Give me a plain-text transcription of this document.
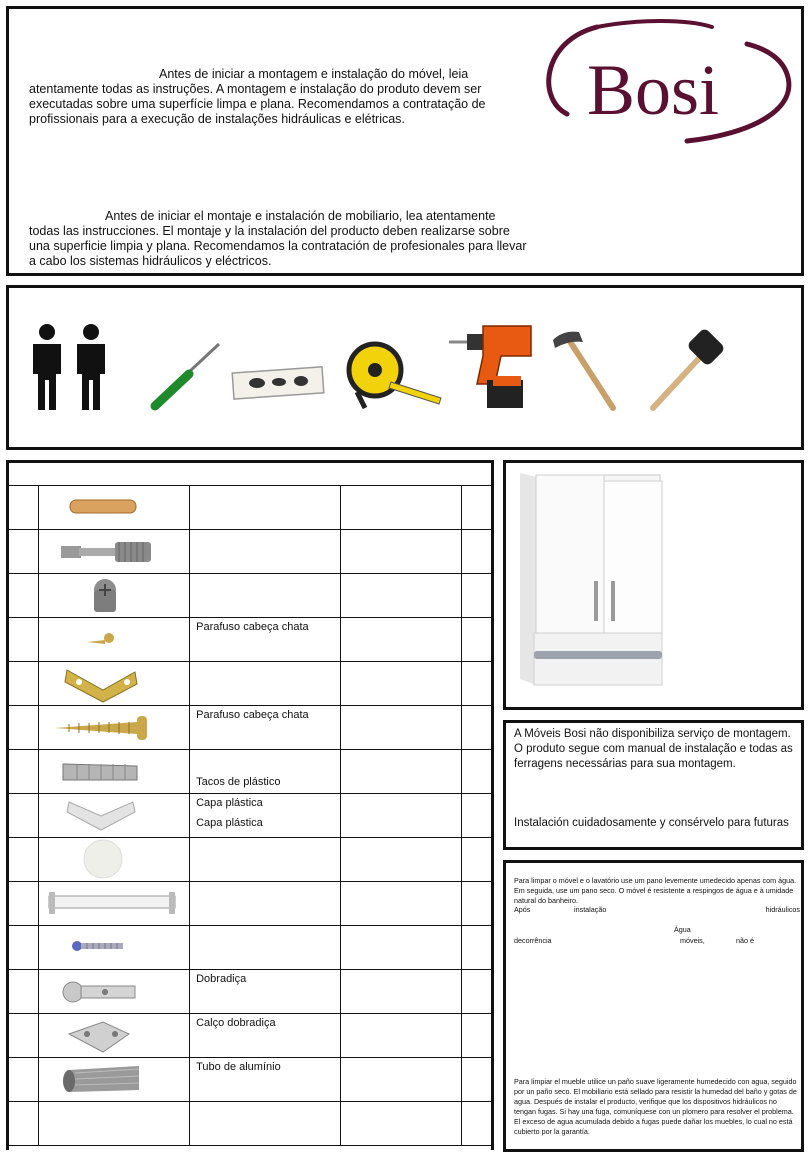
Antes de iniciar a montagem e instalação do móvel, leia atentamente todas as instruções. A montagem e instalação do produto devem ser executadas sobre uma superfície limpa e plana. Recomendamos a contratação de profissionais para a execução de instalações hidráulicas e elétricas.
Antes de iniciar el montaje e instalación de mobiliario, lea atentamente todas las instrucciones. El montaje y la instalación del producto deben realizarse sobre una superficie limpia y plana. Recomendamos la contratación de profesionales para llevar a cabo los sistemas hidráulicos y eléctricos.
Bosi

Parafuso cabeça chata		

Parafuso cabeça chata		

Tacos de plástico		

Capa plástica
Capa plástica		

Dobradiça		

Calço dobradiça		

Tubo de alumínio		

A Móveis Bosi não disponibiliza serviço de montagem. O produto segue com manual de instalação e todas as ferragens necessárias para sua montagem.
Instalación cuidadosamente y consérvelo para futuras
Para limpar o móvel e o lavatório use um pano levemente umedecido apenas com água. Em seguida, use um pano seco. O móvel é resistente a respingos de água e à umidade natural do banheiro.
Após	instalação	hidráulicos
Água
decorrência	móveis,	não é
Para limpiar el mueble utilice un paño suave ligeramente humedecido con agua, seguido por un paño seco. El mobiliario está sellado para resistir la humedad del baño y gotas de agua. Después de instalar el producto, verifique que los dispositivos hidráulicos no tengan fugas. Si hay una fuga, comuníquese con un plomero para resolver el problema. El exceso de agua acumulada debido a fugas puede dañar los muebles, lo cual no está cubierto por la garantía.
